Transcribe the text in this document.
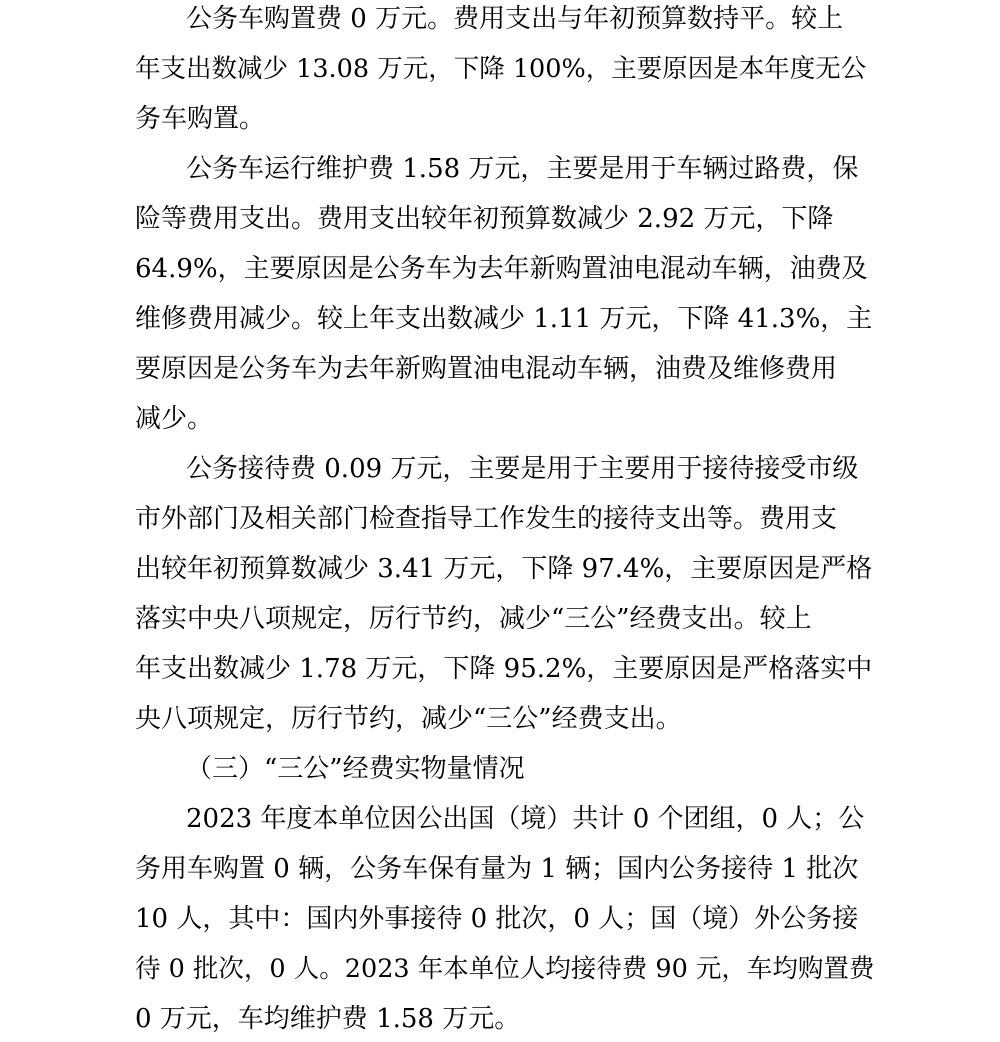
公务车购置费 0 万元。费用支出与年初预算数持平。较上
年支出数减少 13.08 万元，下降 100%，主要原因是本年度无公
务车购置。
公务车运行维护费 1.58 万元，主要是用于车辆过路费，保
险等费用支出。费用支出较年初预算数减少 2.92 万元，下降
64.9%，主要原因是公务车为去年新购置油电混动车辆，油费及
维修费用减少。较上年支出数减少 1.11 万元，下降 41.3%，主
要原因是公务车为去年新购置油电混动车辆，油费及维修费用
减少。
公务接待费 0.09 万元，主要是用于主要用于接待接受市级
市外部门及相关部门检查指导工作发生的接待支出等。费用支
出较年初预算数减少 3.41 万元，下降 97.4%，主要原因是严格
落实中央八项规定，厉行节约，减少“三公”经费支出。较上
年支出数减少 1.78 万元，下降 95.2%，主要原因是严格落实中
央八项规定，厉行节约，减少“三公”经费支出。
（三）“三公”经费实物量情况
2023 年度本单位因公出国（境）共计 0 个团组，0 人；公
务用车购置 0 辆，公务车保有量为 1 辆；国内公务接待 1 批次
10 人，其中：国内外事接待 0 批次，0 人；国（境）外公务接
待 0 批次，0 人。2023 年本单位人均接待费 90 元，车均购置费
0 万元，车均维护费 1.58 万元。
